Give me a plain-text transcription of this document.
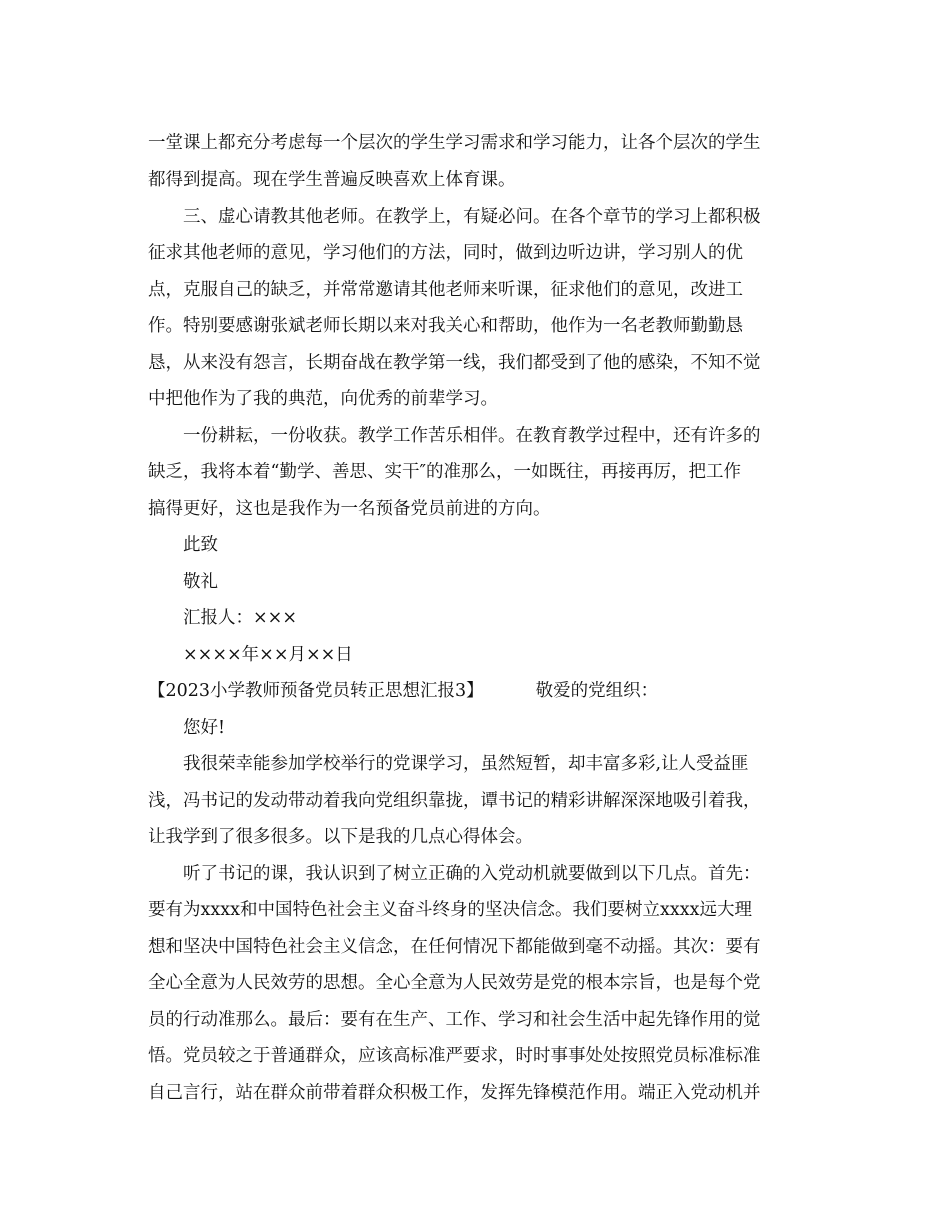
一堂课上都充分考虑每一个层次的学生学习需求和学习能力，让各个层次的学生
都得到提高。现在学生普遍反映喜欢上体育课。
三、虚心请教其他老师。在教学上，有疑必问。在各个章节的学习上都积极
征求其他老师的意见，学习他们的方法，同时，做到边听边讲，学习别人的优
点，克服自己的缺乏，并常常邀请其他老师来听课，征求他们的意见，改进工
作。特别要感谢张斌老师长期以来对我关心和帮助，他作为一名老教师勤勤恳
恳，从来没有怨言，长期奋战在教学第一线，我们都受到了他的感染，不知不觉
中把他作为了我的典范，向优秀的前辈学习。
一份耕耘，一份收获。教学工作苦乐相伴。在教育教学过程中，还有许多的
缺乏，我将本着“勤学、善思、实干″的准那么，一如既往，再接再厉，把工作
搞得更好，这也是我作为一名预备党员前进的方向。
此致
敬礼
汇报人：×××
××××年××月××日
【2023小学教师预备党员转正思想汇报3】	敬爱的党组织：
您好!
我很荣幸能参加学校举行的党课学习，虽然短暂，却丰富多彩,让人受益匪
浅，冯书记的发动带动着我向党组织靠拢，谭书记的精彩讲解深深地吸引着我，
让我学到了很多很多。以下是我的几点心得体会。
听了书记的课，我认识到了树立正确的入党动机就要做到以下几点。首先：
要有为xxxx和中国特色社会主义奋斗终身的坚决信念。我们要树立xxxx远大理
想和坚决中国特色社会主义信念，在任何情况下都能做到毫不动摇。其次：要有
全心全意为人民效劳的思想。全心全意为人民效劳是党的根本宗旨，也是每个党
员的行动准那么。最后：要有在生产、工作、学习和社会生活中起先锋作用的觉
悟。党员较之于普通群众，应该高标准严要求，时时事事处处按照党员标准标准
自己言行，站在群众前带着群众积极工作，发挥先锋模范作用。端正入党动机并
